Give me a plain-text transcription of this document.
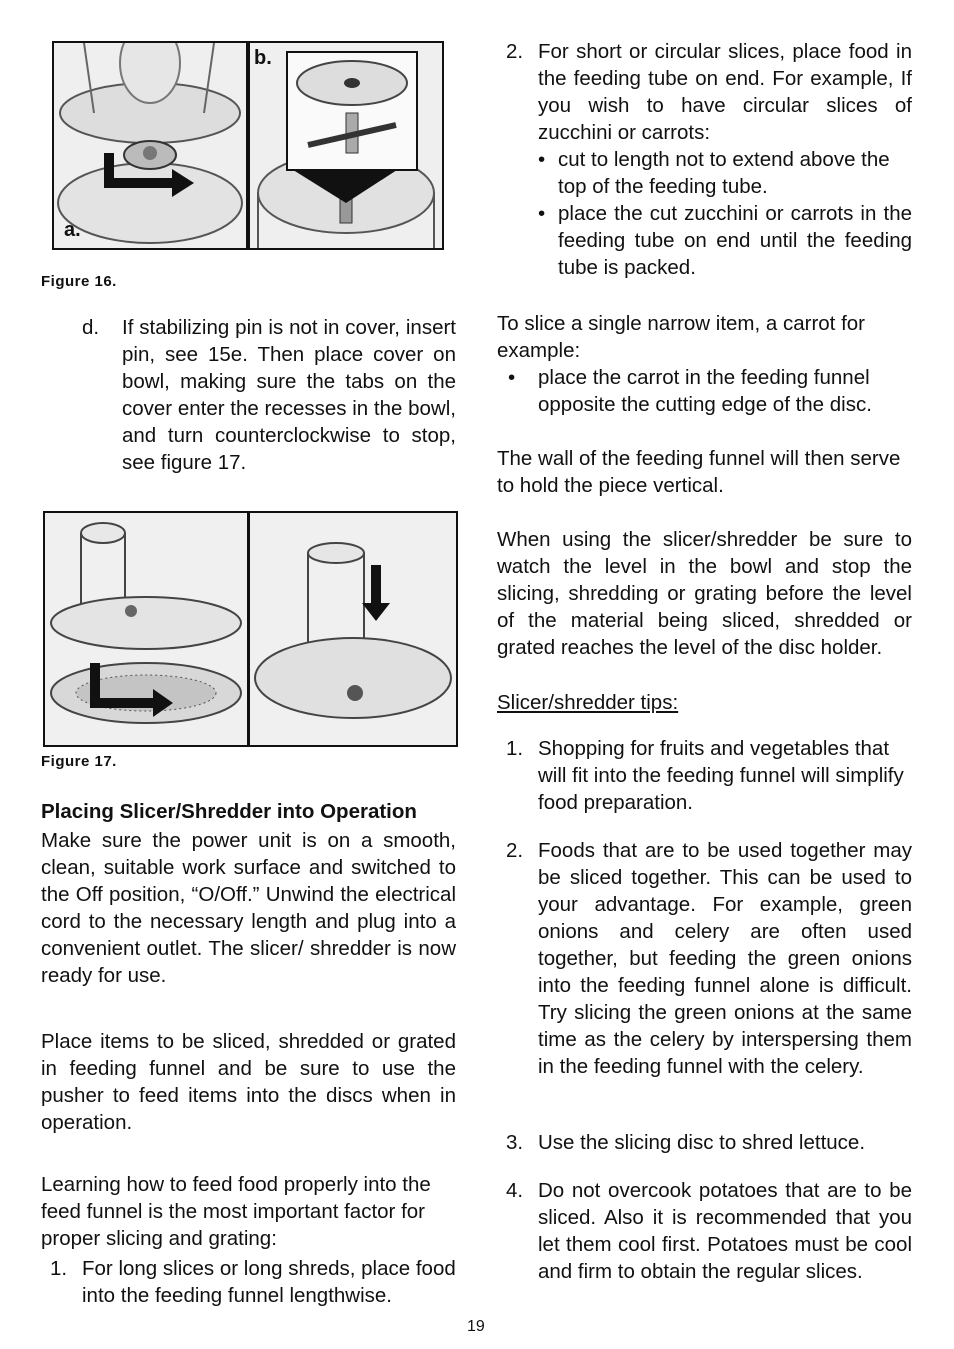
a.
b.
Figure 16.
d. If stabilizing pin is not in cover, insert pin, see 15e. Then place cover on bowl, making sure the tabs on the cover enter the recesses in the bowl, and turn counterclockwise to stop, see figure 17.
Figure 17.
Placing Slicer/Shredder into Operation
Make sure the power unit is on a smooth, clean, suitable work surface and switched to the Off position, “O/Off.” Unwind the electrical cord to the necessary length and plug into a convenient outlet. The slicer/ shredder is now ready for use.
Place items to be sliced, shredded or grated in feeding funnel and be sure to use the pusher to feed items into the discs when in operation.
Learning how to feed food properly into the feed funnel is the most important factor for proper slicing and grating:
1. For long slices or long shreds, place food into the feeding funnel lengthwise.
2. For short or circular slices, place food in the feeding tube on end. For example, If you wish to have circular slices of zucchini or carrots:
• cut to length not to extend above the top of the feeding tube.
• place the cut zucchini or carrots in the feeding tube on end until the feeding tube is packed.
To slice a single narrow item, a carrot for example:
• place the carrot in the feeding funnel opposite the cutting edge of the disc.
The wall of the feeding funnel will then serve to hold the piece vertical.
When using the slicer/shredder be sure to watch the level in the bowl and stop the slicing, shredding or grating before the level of the material being sliced, shredded or grated reaches the level of the disc holder.
Slicer/shredder tips:
1. Shopping for fruits and vegetables that will fit into the feeding funnel will simplify food preparation.
2. Foods that are to be used together may be sliced together. This can be used to your advantage. For example, green onions and celery are often used together, but feeding the green onions into the feeding funnel alone is difficult. Try slicing the green onions at the same time as the celery by interspersing them in the feeding funnel with the celery.
3. Use the slicing disc to shred lettuce.
4. Do not overcook potatoes that are to be sliced. Also it is recommended that you let them cool first. Potatoes must be cool and firm to obtain the regular slices.
19
